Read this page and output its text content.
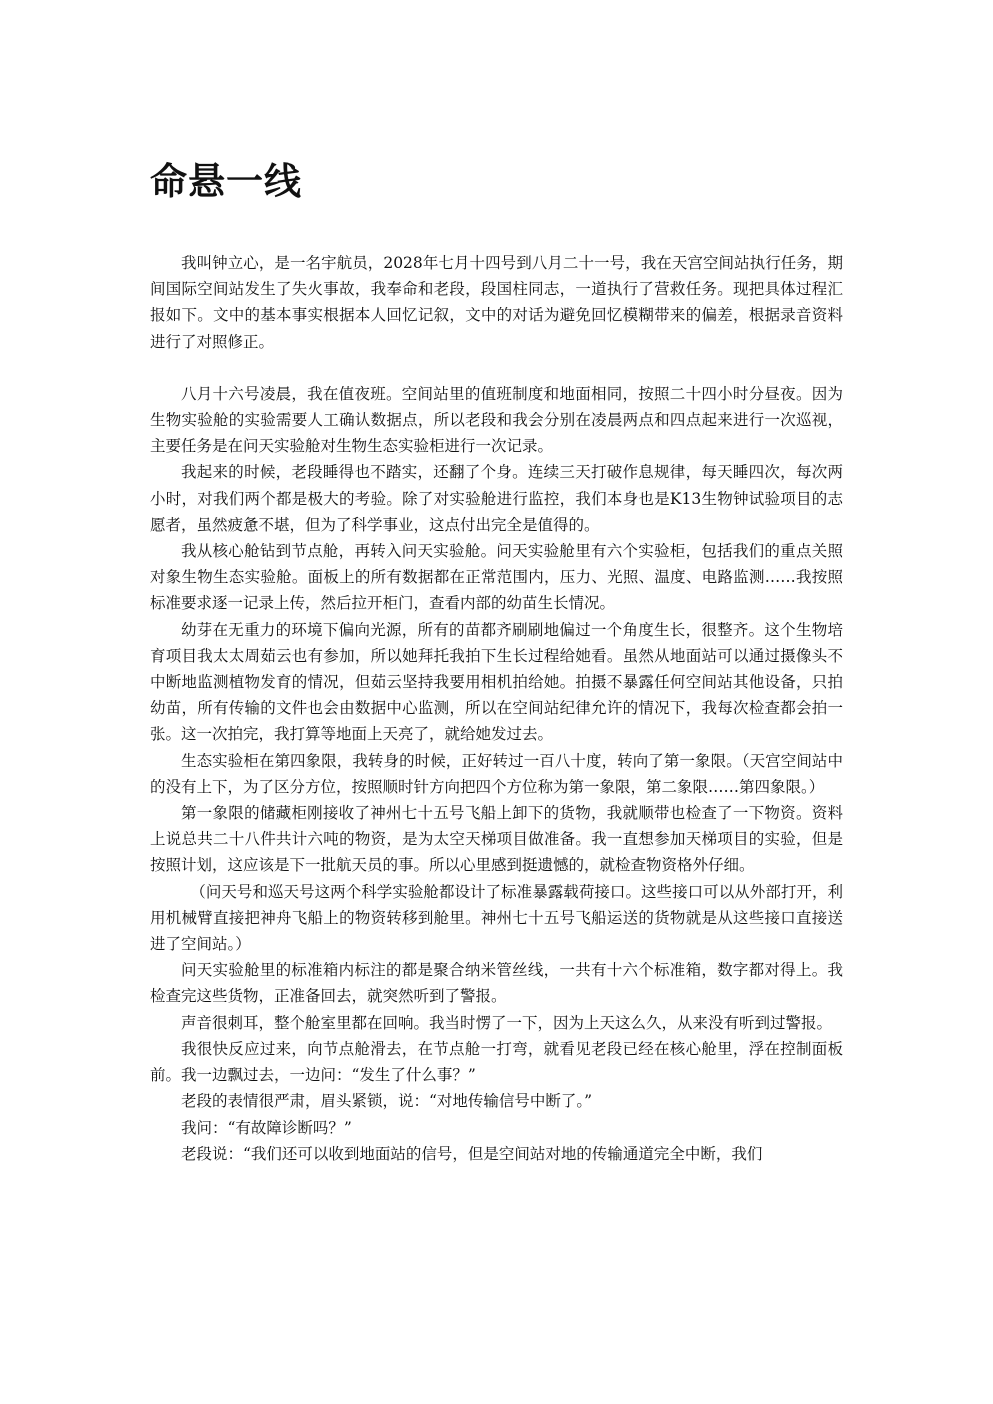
命悬一线

我叫钟立心，是一名宇航员，2028年七月十四号到八月二十一号，我在天宫空间站执行任务，期间国际空间站发生了失火事故，我奉命和老段，段国柱同志，一道执行了营救任务。现把具体过程汇报如下。文中的基本事实根据本人回忆记叙，文中的对话为避免回忆模糊带来的偏差，根据录音资料进行了对照修正。

八月十六号凌晨，我在值夜班。空间站里的值班制度和地面相同，按照二十四小时分昼夜。因为生物实验舱的实验需要人工确认数据点，所以老段和我会分别在凌晨两点和四点起来进行一次巡视，主要任务是在问天实验舱对生物生态实验柜进行一次记录。

我起来的时候，老段睡得也不踏实，还翻了个身。连续三天打破作息规律，每天睡四次，每次两小时，对我们两个都是极大的考验。除了对实验舱进行监控，我们本身也是K13生物钟试验项目的志愿者，虽然疲惫不堪，但为了科学事业，这点付出完全是值得的。

我从核心舱钻到节点舱，再转入问天实验舱。问天实验舱里有六个实验柜，包括我们的重点关照对象生物生态实验舱。面板上的所有数据都在正常范围内，压力、光照、温度、电路监测……我按照标准要求逐一记录上传，然后拉开柜门，查看内部的幼苗生长情况。

幼芽在无重力的环境下偏向光源，所有的苗都齐刷刷地偏过一个角度生长，很整齐。这个生物培育项目我太太周茹云也有参加，所以她拜托我拍下生长过程给她看。虽然从地面站可以通过摄像头不中断地监测植物发育的情况，但茹云坚持我要用相机拍给她。拍摄不暴露任何空间站其他设备，只拍幼苗，所有传输的文件也会由数据中心监测，所以在空间站纪律允许的情况下，我每次检查都会拍一张。这一次拍完，我打算等地面上天亮了，就给她发过去。

生态实验柜在第四象限，我转身的时候，正好转过一百八十度，转向了第一象限。（天宫空间站中的没有上下，为了区分方位，按照顺时针方向把四个方位称为第一象限，第二象限……第四象限。）

第一象限的储藏柜刚接收了神州七十五号飞船上卸下的货物，我就顺带也检查了一下物资。资料上说总共二十八件共计六吨的物资，是为太空天梯项目做准备。我一直想参加天梯项目的实验，但是按照计划，这应该是下一批航天员的事。所以心里感到挺遗憾的，就检查物资格外仔细。

（问天号和巡天号这两个科学实验舱都设计了标准暴露载荷接口。这些接口可以从外部打开，利用机械臂直接把神舟飞船上的物资转移到舱里。神州七十五号飞船运送的货物就是从这些接口直接送进了空间站。）

问天实验舱里的标准箱内标注的都是聚合纳米管丝线，一共有十六个标准箱，数字都对得上。我检查完这些货物，正准备回去，就突然听到了警报。

声音很刺耳，整个舱室里都在回响。我当时愣了一下，因为上天这么久，从来没有听到过警报。

我很快反应过来，向节点舱滑去，在节点舱一打弯，就看见老段已经在核心舱里，浮在控制面板前。我一边飘过去，一边问：“发生了什么事？”

老段的表情很严肃，眉头紧锁，说：“对地传输信号中断了。”

我问：“有故障诊断吗？”

老段说：“我们还可以收到地面站的信号，但是空间站对地的传输通道完全中断，我们
